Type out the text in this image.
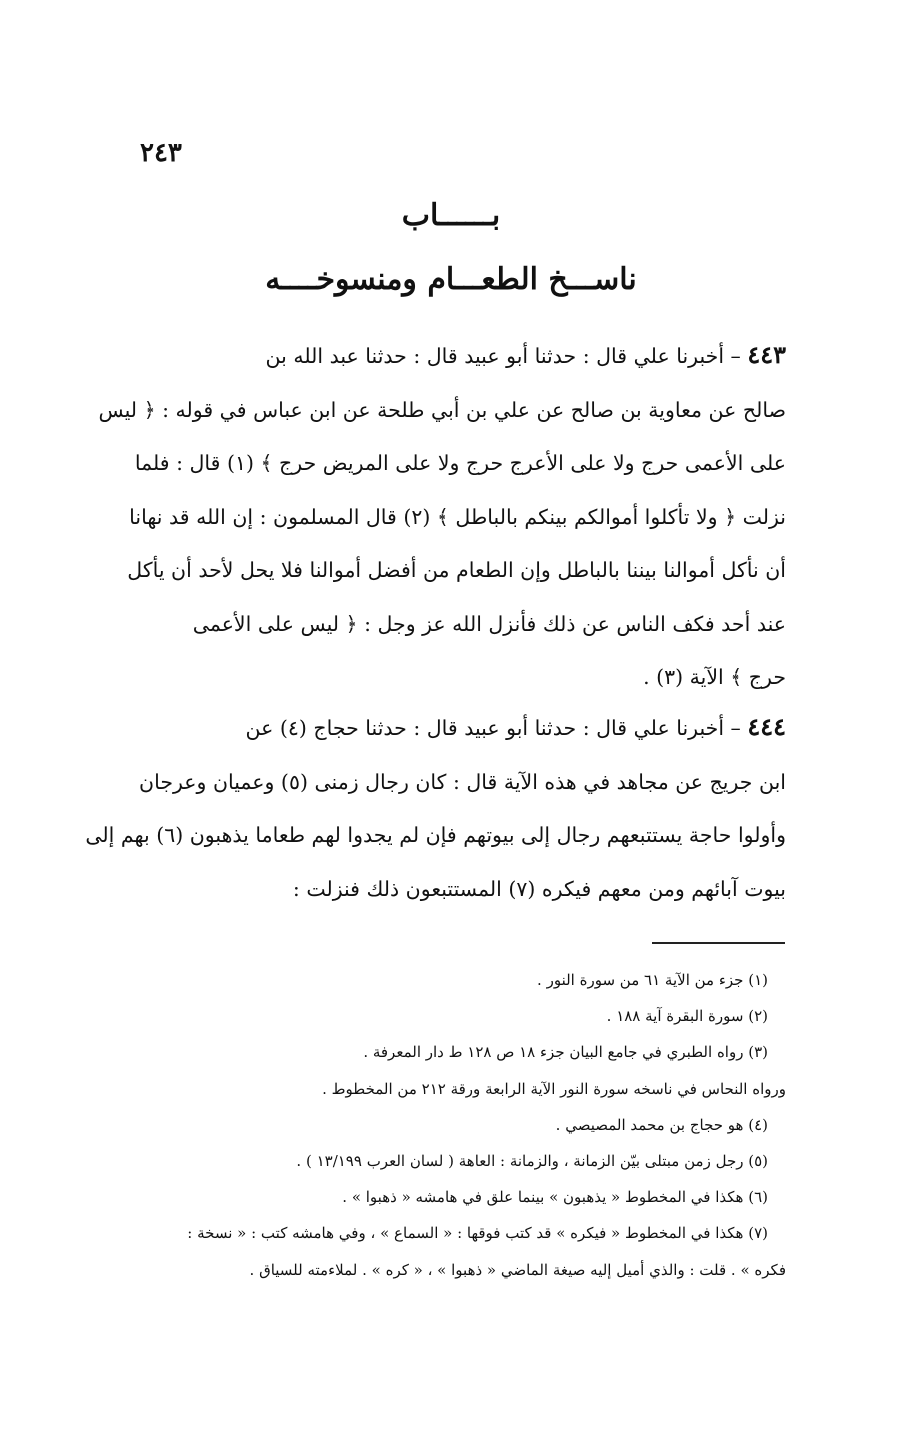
٢٤٣
بــــــاب
ناســـخ الطعـــام ومنسوخــــه
٤٤٣ – أخبرنا علي قال : حدثنا أبو عبيد قال : حدثنا عبد الله بن
صالح عن معاوية بن صالح عن علي بن أبي طلحة عن ابن عباس في قوله : ﴿ ليس
على الأعمى حرج ولا على الأعرج حرج ولا على المريض حرج ﴾ (١) قال : فلما
نزلت ﴿ ولا تأكلوا أموالكم بينكم بالباطل ﴾ (٢) قال المسلمون : إن الله قد نهانا
أن نأكل أموالنا بيننا بالباطل وإن الطعام من أفضل أموالنا فلا يحل لأحد أن يأكل
عند أحد فكف الناس عن ذلك فأنزل الله عز وجل : ﴿ ليس على الأعمى
حرج ﴾ الآية (٣) .
٤٤٤ – أخبرنا علي قال : حدثنا أبو عبيد قال : حدثنا حجاج (٤) عن
ابن جريج عن مجاهد في هذه الآية قال : كان رجال زمنى (٥) وعميان وعرجان
وأولوا حاجة يستتبعهم رجال إلى بيوتهم فإن لم يجدوا لهم طعاما يذهبون (٦) بهم إلى
بيوت آبائهم ومن معهم فيكره (٧) المستتبعون ذلك فنزلت :
(١) جزء من الآية ٦١ من سورة النور .
(٢) سورة البقرة آية ١٨٨ .
(٣) رواه الطبري في جامع البيان جزء ١٨ ص ١٢٨ ط دار المعرفة .
ورواه النحاس في ناسخه سورة النور الآية الرابعة ورقة ٢١٢ من المخطوط .
(٤) هو حجاج بن محمد المصيصي .
(٥) رجل زمن مبتلى بيّن الزمانة ، والزمانة : العاهة ( لسان العرب ١٣/١٩٩ ) .
(٦) هكذا في المخطوط « يذهبون » بينما علق في هامشه « ذهبوا » .
(٧) هكذا في المخطوط « فيكره » قد كتب فوقها : « السماع » ، وفي هامشه كتب : « نسخة :
فكره » . قلت : والذي أميل إليه صيغة الماضي « ذهبوا » ، « كره » . لملاءمته للسياق .
